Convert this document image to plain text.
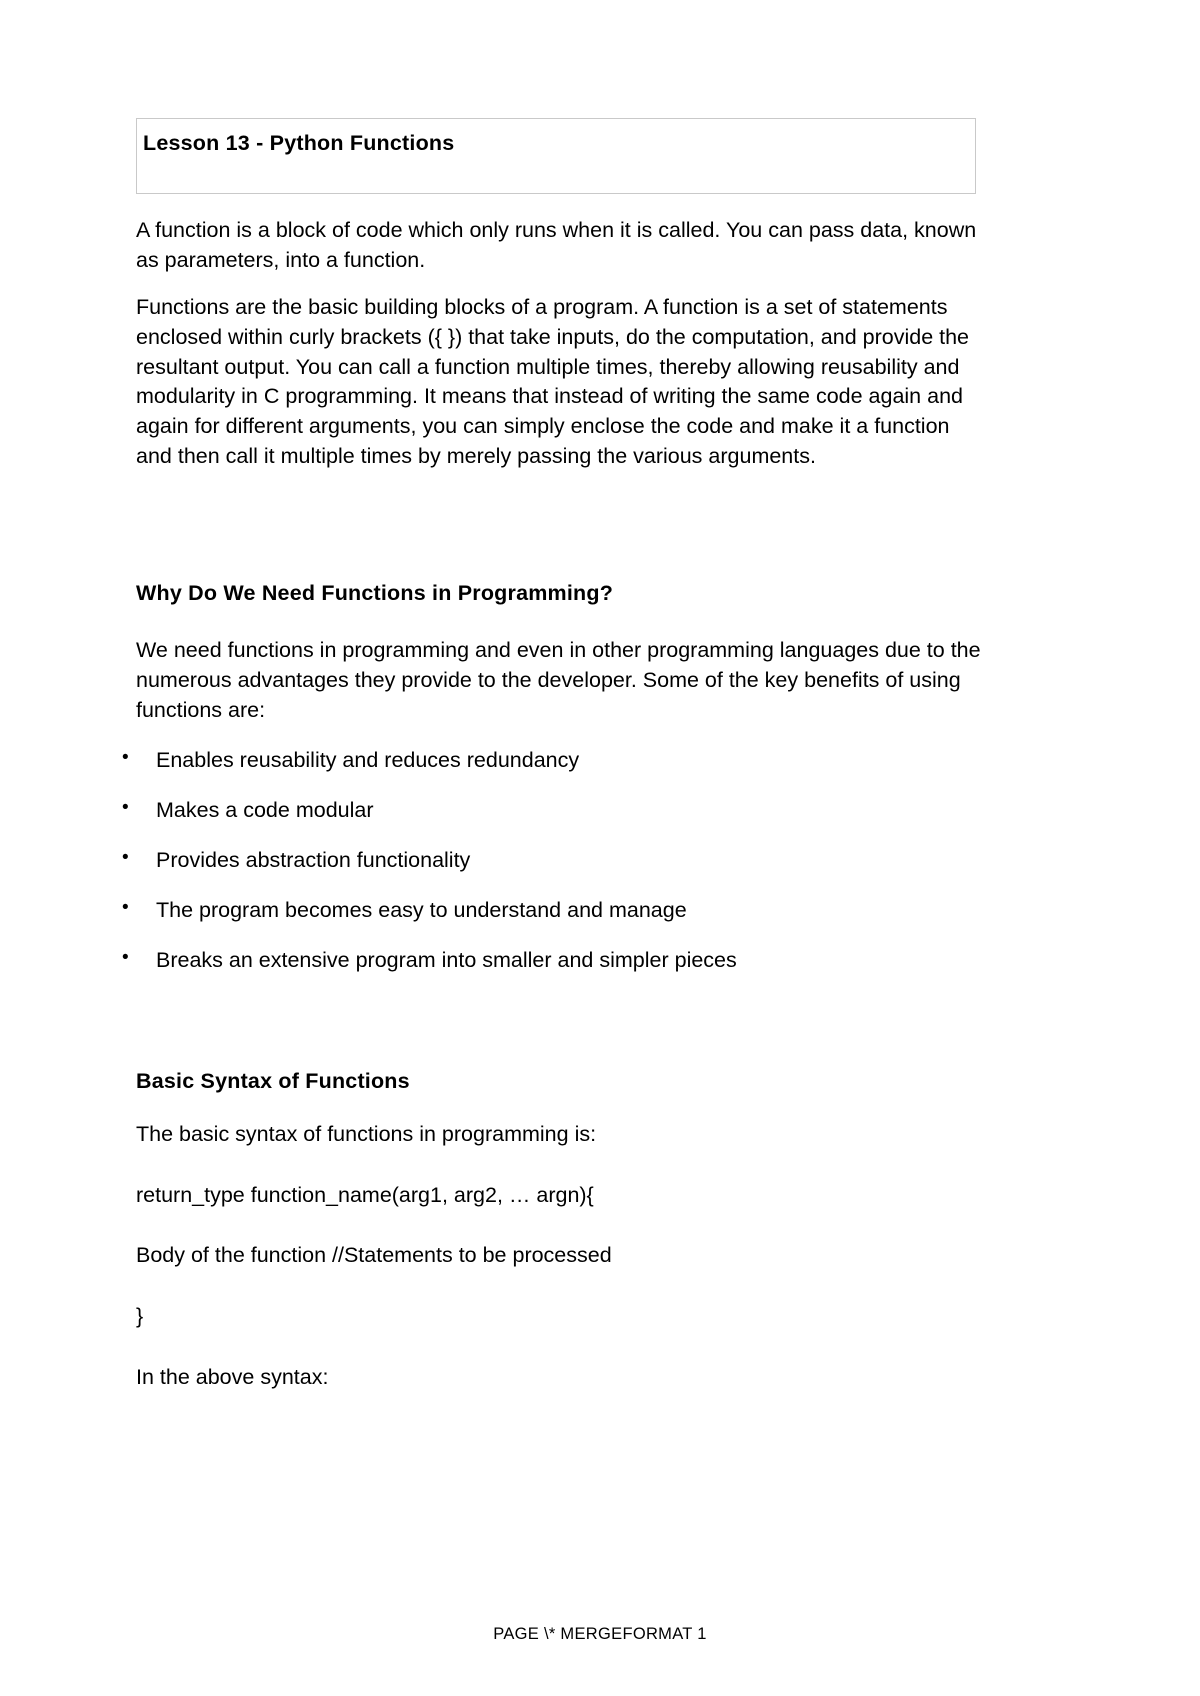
Lesson 13 - Python Functions

A function is a block of code which only runs when it is called. You can pass data, known as parameters, into a function.

Functions are the basic building blocks of a program. A function is a set of statements enclosed within curly brackets ({ }) that take inputs, do the computation, and provide the resultant output. You can call a function multiple times, thereby allowing reusability and modularity in C programming. It means that instead of writing the same code again and again for different arguments, you can simply enclose the code and make it a function and then call it multiple times by merely passing the various arguments.

Why Do We Need Functions in Programming?

We need functions in programming and even in other programming languages due to the numerous advantages they provide to the developer. Some of the key benefits of using functions are:

• Enables reusability and reduces redundancy
• Makes a code modular
• Provides abstraction functionality
• The program becomes easy to understand and manage
• Breaks an extensive program into smaller and simpler pieces
Basic Syntax of Functions

The basic syntax of functions in programming is:

return_type function_name(arg1, arg2, … argn){

Body of the function //Statements to be processed

}

In the above syntax:

PAGE \* MERGEFORMAT 1
